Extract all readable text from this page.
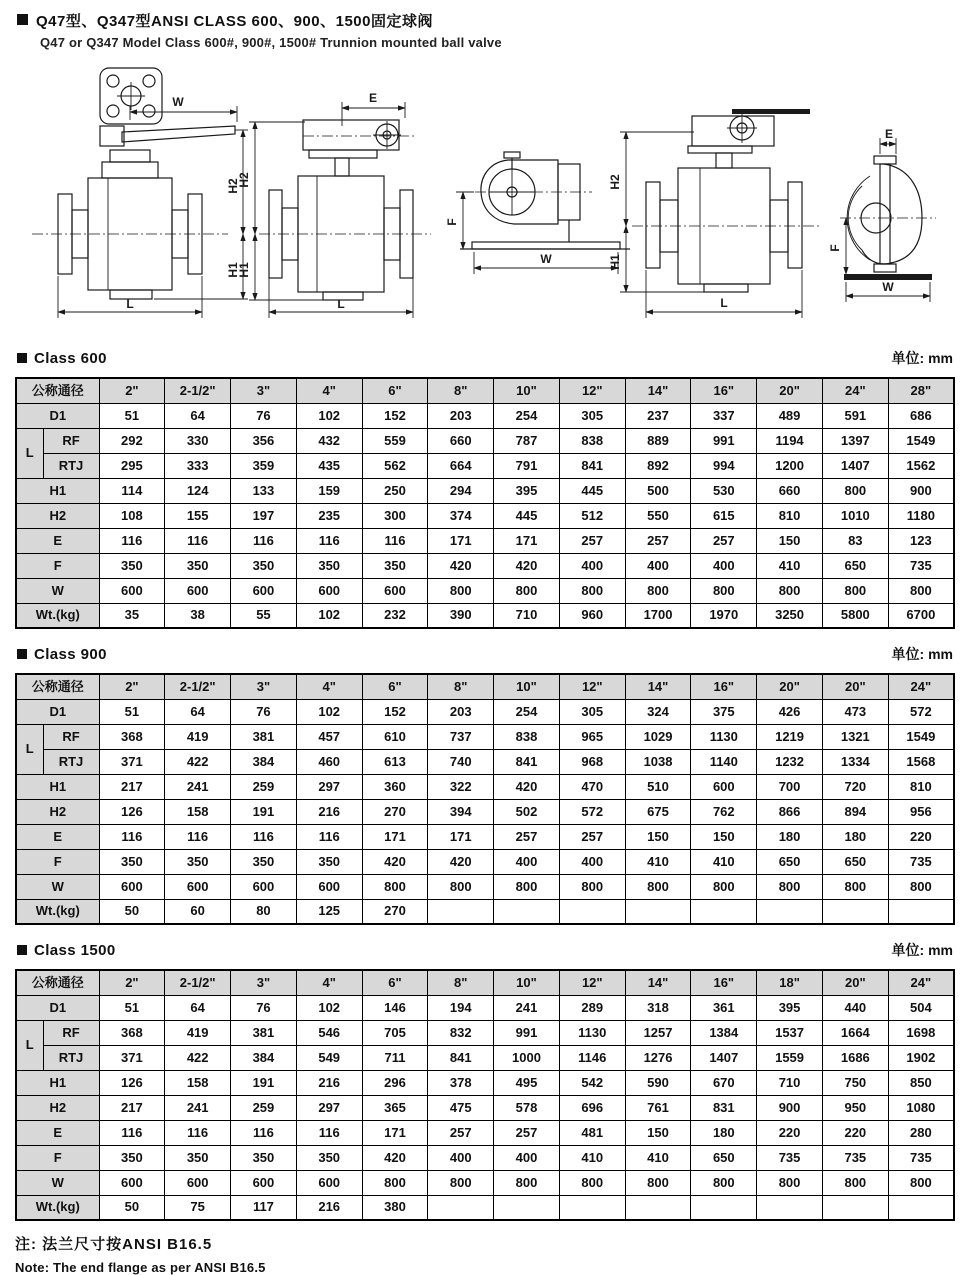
Q47型、Q347型ANSI CLASS 600、900、1500固定球阀
Q47 or Q347 Model Class 600#, 900#, 1500# Trunnion mounted ball valve
W
H2
H1
L
E
H2
H1
L
F
W
H2
H1
L
E
F
W
Class 600	单位: mm
公称通径		2"	2-1/2"	3"	4"	6"	8"	10"	12"	14"	16"	20"	24"	28"
D1		51	64	76	102	152	203	254	305	237	337	489	591	686
L	RF	292	330	356	432	559	660	787	838	889	991	1194	1397	1549
	RTJ	295	333	359	435	562	664	791	841	892	994	1200	1407	1562
H1		114	124	133	159	250	294	395	445	500	530	660	800	900
H2		108	155	197	235	300	374	445	512	550	615	810	1010	1180
E		116	116	116	116	116	171	171	257	257	257	150	83	123
F		350	350	350	350	350	420	420	400	400	400	410	650	735
W		600	600	600	600	600	800	800	800	800	800	800	800	800
Wt.(kg)		35	38	55	102	232	390	710	960	1700	1970	3250	5800	6700
Class 900	单位: mm
公称通径		2"	2-1/2"	3"	4"	6"	8"	10"	12"	14"	16"	20"	20"	24"
D1		51	64	76	102	152	203	254	305	324	375	426	473	572
L	RF	368	419	381	457	610	737	838	965	1029	1130	1219	1321	1549
	RTJ	371	422	384	460	613	740	841	968	1038	1140	1232	1334	1568
H1		217	241	259	297	360	322	420	470	510	600	700	720	810
H2		126	158	191	216	270	394	502	572	675	762	866	894	956
E		116	116	116	116	171	171	257	257	150	150	180	180	220
F		350	350	350	350	420	420	400	400	410	410	650	650	735
W		600	600	600	600	800	800	800	800	800	800	800	800	800
Wt.(kg)		50	60	80	125	270								
Class 1500	单位: mm
公称通径		2"	2-1/2"	3"	4"	6"	8"	10"	12"	14"	16"	18"	20"	24"
D1		51	64	76	102	146	194	241	289	318	361	395	440	504
L	RF	368	419	381	546	705	832	991	1130	1257	1384	1537	1664	1698
	RTJ	371	422	384	549	711	841	1000	1146	1276	1407	1559	1686	1902
H1		126	158	191	216	296	378	495	542	590	670	710	750	850
H2		217	241	259	297	365	475	578	696	761	831	900	950	1080
E		116	116	116	116	171	257	257	481	150	180	220	220	280
F		350	350	350	350	420	400	400	410	410	650	735	735	735
W		600	600	600	600	800	800	800	800	800	800	800	800	800
Wt.(kg)		50	75	117	216	380								
注: 法兰尺寸按ANSI B16.5
Note: The end flange as per ANSI B16.5
